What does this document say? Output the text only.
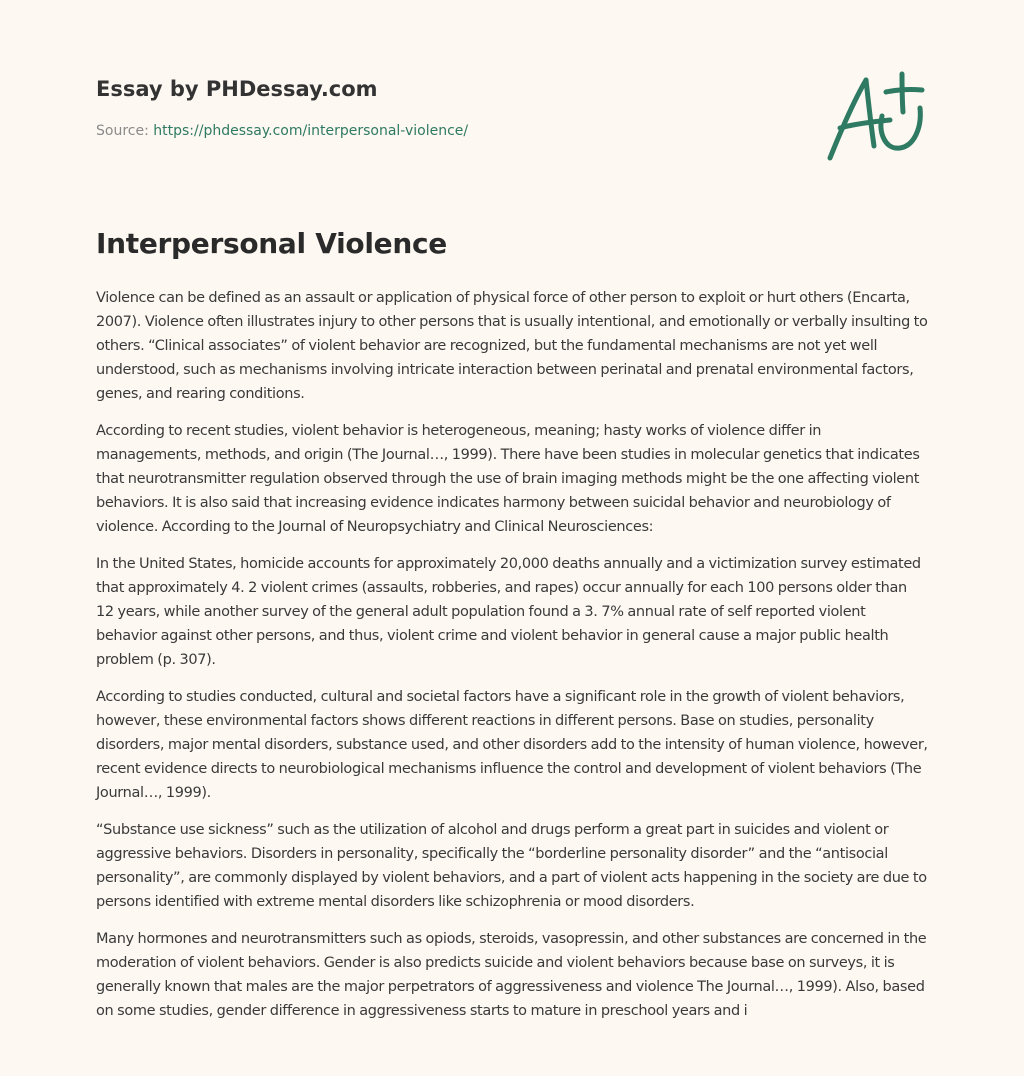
Essay by PHDessay.com
Source: https://phdessay.com/interpersonal-violence/
Interpersonal Violence

Violence can be defined as an assault or application of physical force of other person to exploit or hurt others (Encarta, 2007). Violence often illustrates injury to other persons that is usually intentional, and emotionally or verbally insulting to others. “Clinical associates” of violent behavior are recognized, but the fundamental mechanisms are not yet well understood, such as mechanisms involving intricate interaction between perinatal and prenatal environmental factors, genes, and rearing conditions.

According to recent studies, violent behavior is heterogeneous, meaning; hasty works of violence differ in managements, methods, and origin (The Journal…, 1999). There have been studies in molecular genetics that indicates that neurotransmitter regulation observed through the use of brain imaging methods might be the one affecting violent behaviors. It is also said that increasing evidence indicates harmony between suicidal behavior and neurobiology of violence. According to the Journal of Neuropsychiatry and Clinical Neurosciences:

In the United States, homicide accounts for approximately 20,000 deaths annually and a victimization survey estimated that approximately 4. 2 violent crimes (assaults, robberies, and rapes) occur annually for each 100 persons older than 12 years, while another survey of the general adult population found a 3. 7% annual rate of self reported violent behavior against other persons, and thus, violent crime and violent behavior in general cause a major public health problem (p. 307).

According to studies conducted, cultural and societal factors have a significant role in the growth of violent behaviors, however, these environmental factors shows different reactions in different persons. Base on studies, personality disorders, major mental disorders, substance used, and other disorders add to the intensity of human violence, however, recent evidence directs to neurobiological mechanisms influence the control and development of violent behaviors (The Journal…, 1999).

“Substance use sickness” such as the utilization of alcohol and drugs perform a great part in suicides and violent or aggressive behaviors. Disorders in personality, specifically the “borderline personality disorder” and the “antisocial personality”, are commonly displayed by violent behaviors, and a part of violent acts happening in the society are due to persons identified with extreme mental disorders like schizophrenia or mood disorders.

Many hormones and neurotransmitters such as opiods, steroids, vasopressin, and other substances are concerned in the moderation of violent behaviors. Gender is also predicts suicide and violent behaviors because base on surveys, it is generally known that males are the major perpetrators of aggressiveness and violence The Journal…, 1999). Also, based on some studies, gender difference in aggressiveness starts to mature in preschool years and i
